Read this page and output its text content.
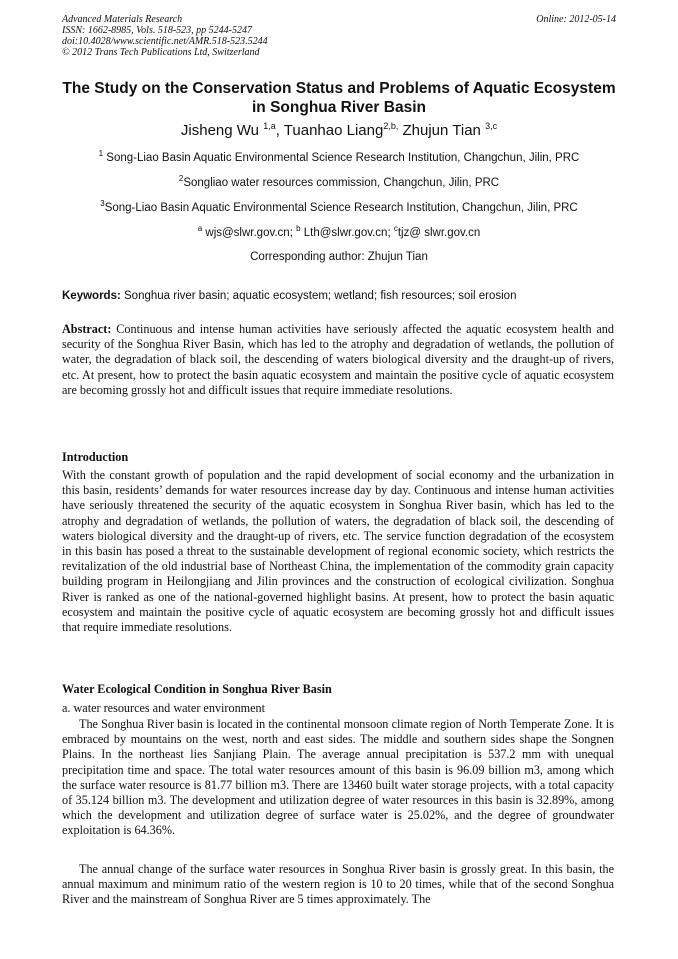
Advanced Materials Research
ISSN: 1662-8985, Vols. 518-523, pp 5244-5247
doi:10.4028/www.scientific.net/AMR.518-523.5244
© 2012 Trans Tech Publications Ltd, Switzerland
Online: 2012-05-14
The Study on the Conservation Status and Problems of Aquatic Ecosystem in Songhua River Basin
Jisheng Wu $^{1,a}$, Tuanhao Liang$^{2,b,}$ Zhujun Tian $^{3,c}$
$^1$ Song-Liao Basin Aquatic Environmental Science Research Institution, Changchun, Jilin, PRC
$^2$Songliao water resources commission, Changchun, Jilin, PRC
$^3$Song-Liao Basin Aquatic Environmental Science Research Institution, Changchun, Jilin, PRC
$^a$ wjs@slwr.gov.cn; $^b$ Lth@slwr.gov.cn; $^c$tjz@ slwr.gov.cn
Corresponding author: Zhujun Tian
Keywords: Songhua river basin; aquatic ecosystem; wetland; fish resources; soil erosion
Abstract: Continuous and intense human activities have seriously affected the aquatic ecosystem health and security of the Songhua River Basin, which has led to the atrophy and degradation of wetlands, the pollution of water, the degradation of black soil, the descending of waters biological diversity and the draught-up of rivers, etc. At present, how to protect the basin aquatic ecosystem and maintain the positive cycle of aquatic ecosystem are becoming grossly hot and difficult issues that require immediate resolutions.
Introduction
With the constant growth of population and the rapid development of social economy and the urbanization in this basin, residents’ demands for water resources increase day by day. Continuous and intense human activities have seriously threatened the security of the aquatic ecosystem in Songhua River basin, which has led to the atrophy and degradation of wetlands, the pollution of waters, the degradation of black soil, the descending of waters biological diversity and the draught-up of rivers, etc. The service function degradation of the ecosystem in this basin has posed a threat to the sustainable development of regional economic society, which restricts the revitalization of the old industrial base of Northeast China, the implementation of the commodity grain capacity building program in Heilongjiang and Jilin provinces and the construction of ecological civilization. Songhua River is ranked as one of the national-governed highlight basins. At present, how to protect the basin aquatic ecosystem and maintain the positive cycle of aquatic ecosystem are becoming grossly hot and difficult issues that require immediate resolutions.
Water Ecological Condition in Songhua River Basin
a. water resources and water environment
The Songhua River basin is located in the continental monsoon climate region of North Temperate Zone. It is embraced by mountains on the west, north and east sides. The middle and southern sides shape the Songnen Plains. In the northeast lies Sanjiang Plain. The average annual precipitation is 537.2 mm with unequal precipitation time and space. The total water resources amount of this basin is 96.09 billion m3, among which the surface water resource is 81.77 billion m3. There are 13460 built water storage projects, with a total capacity of 35.124 billion m3. The development and utilization degree of water resources in this basin is 32.89%, among which the development and utilization degree of surface water is 25.02%, and the degree of groundwater exploitation is 64.36%.
The annual change of the surface water resources in Songhua River basin is grossly great. In this basin, the annual maximum and minimum ratio of the western region is 10 to 20 times, while that of the second Songhua River and the mainstream of Songhua River are 5 times approximately. The
